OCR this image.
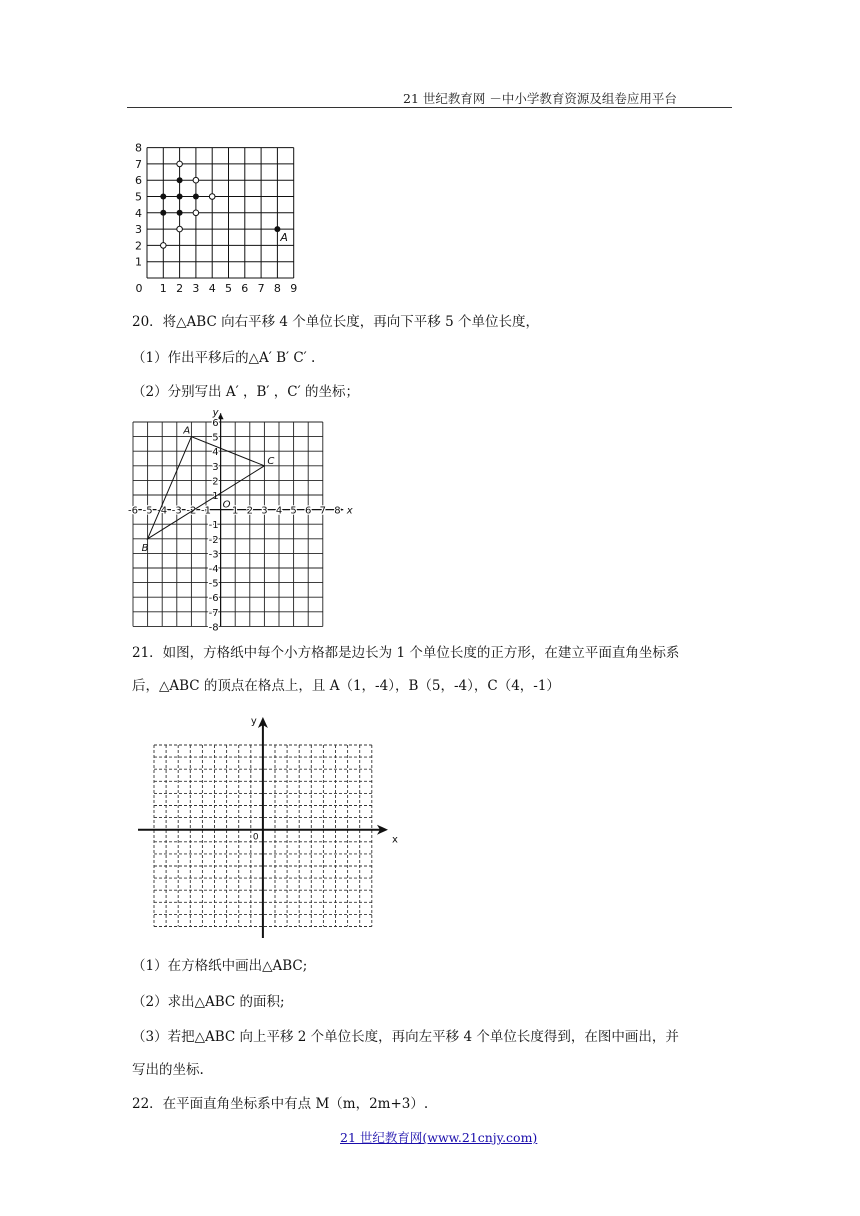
21 世纪教育网 －中小学教育资源及组卷应用平台
8
7
6
5
4
3
2
1
0 1 2 3 4 5 6 7 8 9
A
20．将△ABC 向右平移 4 个单位长度，再向下平移 5 个单位长度，
（1）作出平移后的△A′ B′ C′ .
（2）分别写出 A′ ，B′ ，C′ 的坐标；
x
y
-6 -5 -4 -3 -2 -1 1 2 3 4 5 6 7 8
O
1
2
3
4
5
6
-1
-2
-3
-4
-5
-6
-7
-8
A
B
C
21．如图，方格纸中每个小方格都是边长为 1 个单位长度的正方形，在建立平面直角坐标系
后，△ABC 的顶点在格点上，且 A（1，-4），B（5，-4），C（4，-1）
x
y
0
（1）在方格纸中画出△ABC;
（2）求出△ABC 的面积;
（3）若把△ABC 向上平移 2 个单位长度，再向左平移 4 个单位长度得到，在图中画出，并
写出的坐标.
22．在平面直角坐标系中有点 M（m，2m+3）.
21 世纪教育网(www.21cnjy.com)
